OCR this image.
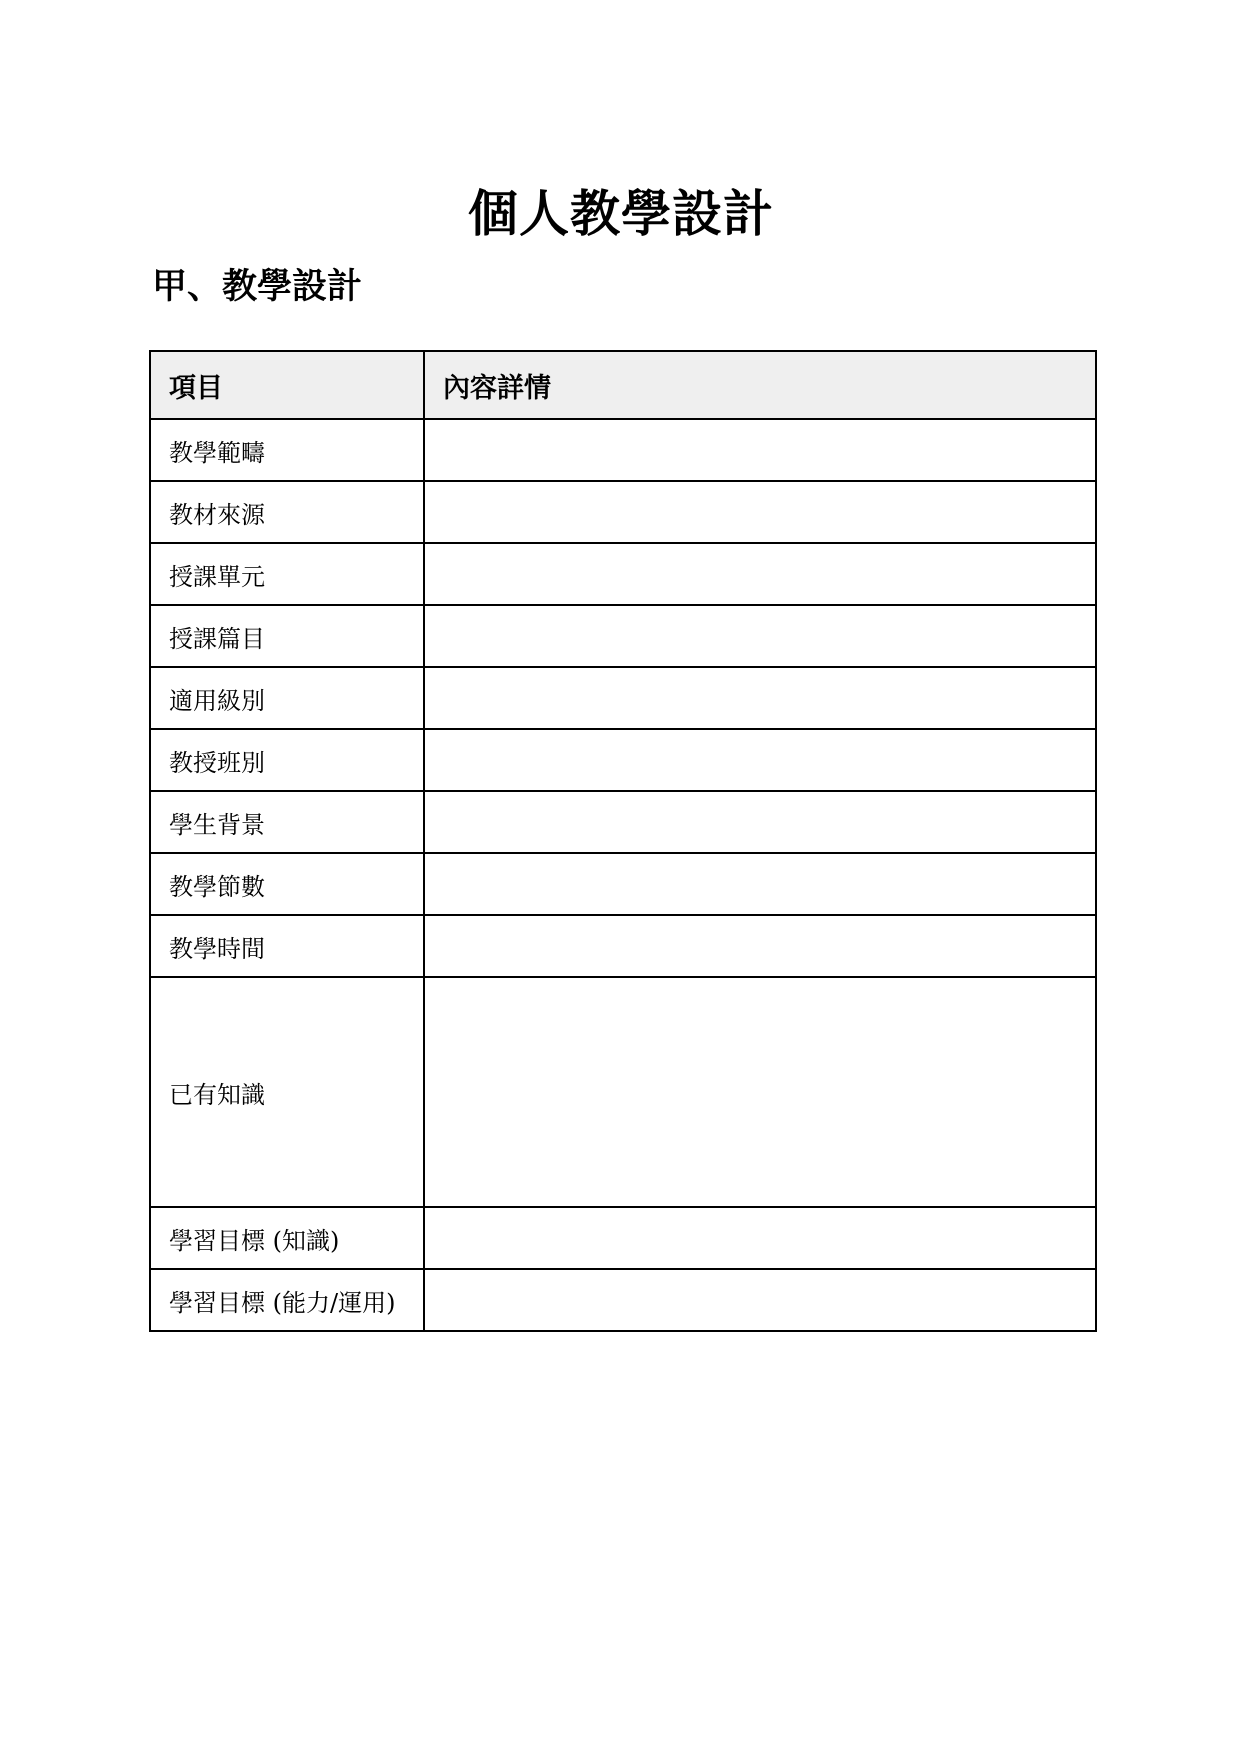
個人教學設計
甲、教學設計
項目	內容詳情
教學範疇	
教材來源	
授課單元	
授課篇目	
適用級別	
教授班別	
學生背景	
教學節數	
教學時間	
已有知識	
學習目標 (知識)	
學習目標 (能力/運用)	
